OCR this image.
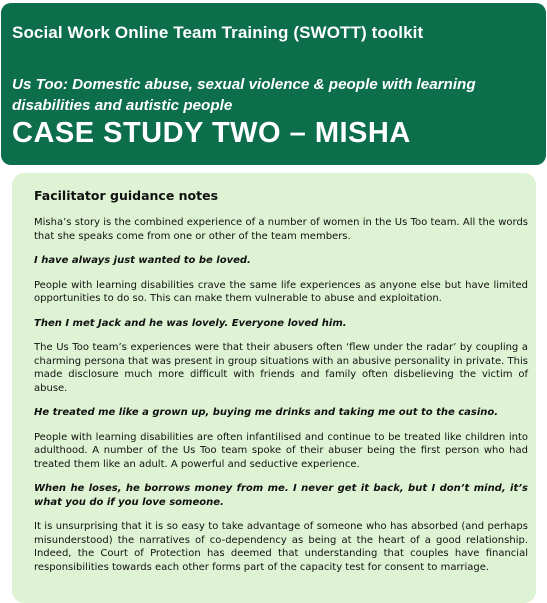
Social Work Online Team Training (SWOTT) toolkit
Us Too: Domestic abuse, sexual violence & people with learning disabilities and autistic people
CASE STUDY TWO – MISHA
Facilitator guidance notes

Misha’s story is the combined experience of a number of women in the Us Too team. All the words that she speaks come from one or other of the team members.

I have always just wanted to be loved.

People with learning disabilities crave the same life experiences as anyone else but have limited opportunities to do so. This can make them vulnerable to abuse and exploitation.

Then I met Jack and he was lovely. Everyone loved him.

The Us Too team’s experiences were that their abusers often ‘flew under the radar’ by coupling a charming persona that was present in group situations with an abusive personality in private. This made disclosure much more difficult with friends and family often disbelieving the victim of abuse.

He treated me like a grown up, buying me drinks and taking me out to the casino.

People with learning disabilities are often infantilised and continue to be treated like children into adulthood. A number of the Us Too team spoke of their abuser being the first person who had treated them like an adult. A powerful and seductive experience.

When he loses, he borrows money from me. I never get it back, but I don’t mind, it’s what you do if you love someone.

It is unsurprising that it is so easy to take advantage of someone who has absorbed (and perhaps misunderstood) the narratives of co-dependency as being at the heart of a good relationship. Indeed, the Court of Protection has deemed that understanding that couples have financial responsibilities towards each other forms part of the capacity test for consent to marriage.
